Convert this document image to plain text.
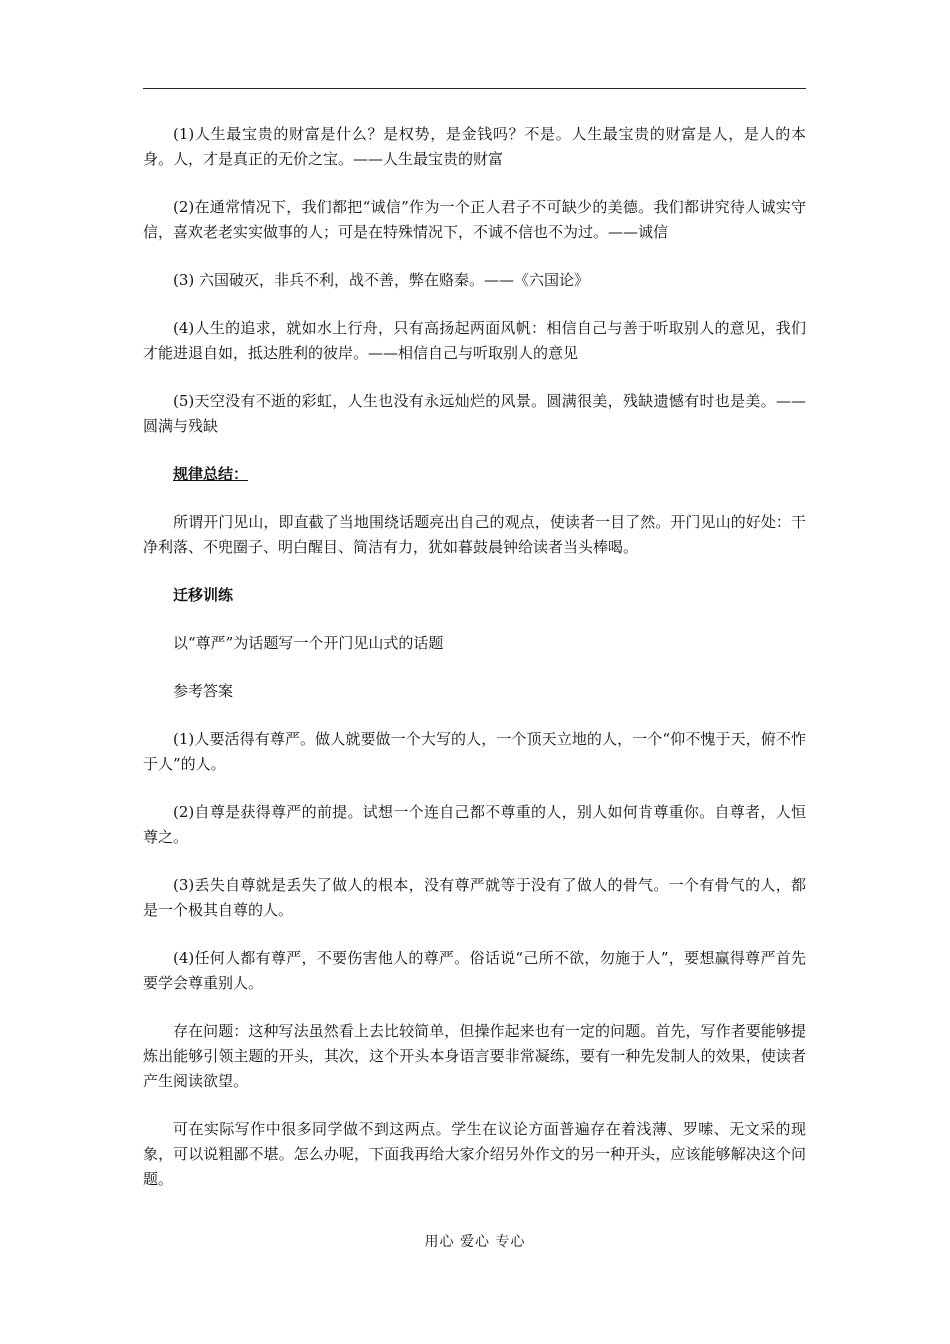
(1)人生最宝贵的财富是什么？是权势，是金钱吗？不是。人生最宝贵的财富是人，是人的本身。人，才是真正的无价之宝。——人生最宝贵的财富

(2)在通常情况下，我们都把“诚信”作为一个正人君子不可缺少的美德。我们都讲究待人诚实守信，喜欢老老实实做事的人；可是在特殊情况下，不诚不信也不为过。——诚信

(3) 六国破灭，非兵不利，战不善，弊在赂秦。——《六国论》

(4)人生的追求，就如水上行舟，只有高扬起两面风帆：相信自己与善于听取别人的意见，我们才能进退自如，抵达胜利的彼岸。——相信自己与听取别人的意见

(5)天空没有不逝的彩虹，人生也没有永远灿烂的风景。圆满很美，残缺遗憾有时也是美。——圆满与残缺

规律总结：

所谓开门见山，即直截了当地围绕话题亮出自己的观点，使读者一目了然。开门见山的好处：干净利落、不兜圈子、明白醒目、简洁有力，犹如暮鼓晨钟给读者当头棒喝。

迁移训练

以“尊严”为话题写一个开门见山式的话题

参考答案

(1)人要活得有尊严。做人就要做一个大写的人，一个顶天立地的人，一个“仰不愧于天，俯不怍于人”的人。

(2)自尊是获得尊严的前提。试想一个连自己都不尊重的人，别人如何肯尊重你。自尊者，人恒尊之。

(3)丢失自尊就是丢失了做人的根本，没有尊严就等于没有了做人的骨气。一个有骨气的人，都是一个极其自尊的人。

(4)任何人都有尊严，不要伤害他人的尊严。俗话说“己所不欲，勿施于人”，要想赢得尊严首先要学会尊重别人。

存在问题：这种写法虽然看上去比较简单，但操作起来也有一定的问题。首先，写作者要能够提炼出能够引领主题的开头，其次，这个开头本身语言要非常凝练，要有一种先发制人的效果，使读者产生阅读欲望。

可在实际写作中很多同学做不到这两点。学生在议论方面普遍存在着浅薄、罗嗦、无文采的现象，可以说粗鄙不堪。怎么办呢，下面我再给大家介绍另外作文的另一种开头，应该能够解决这个问题。

用心 爱心 专心
